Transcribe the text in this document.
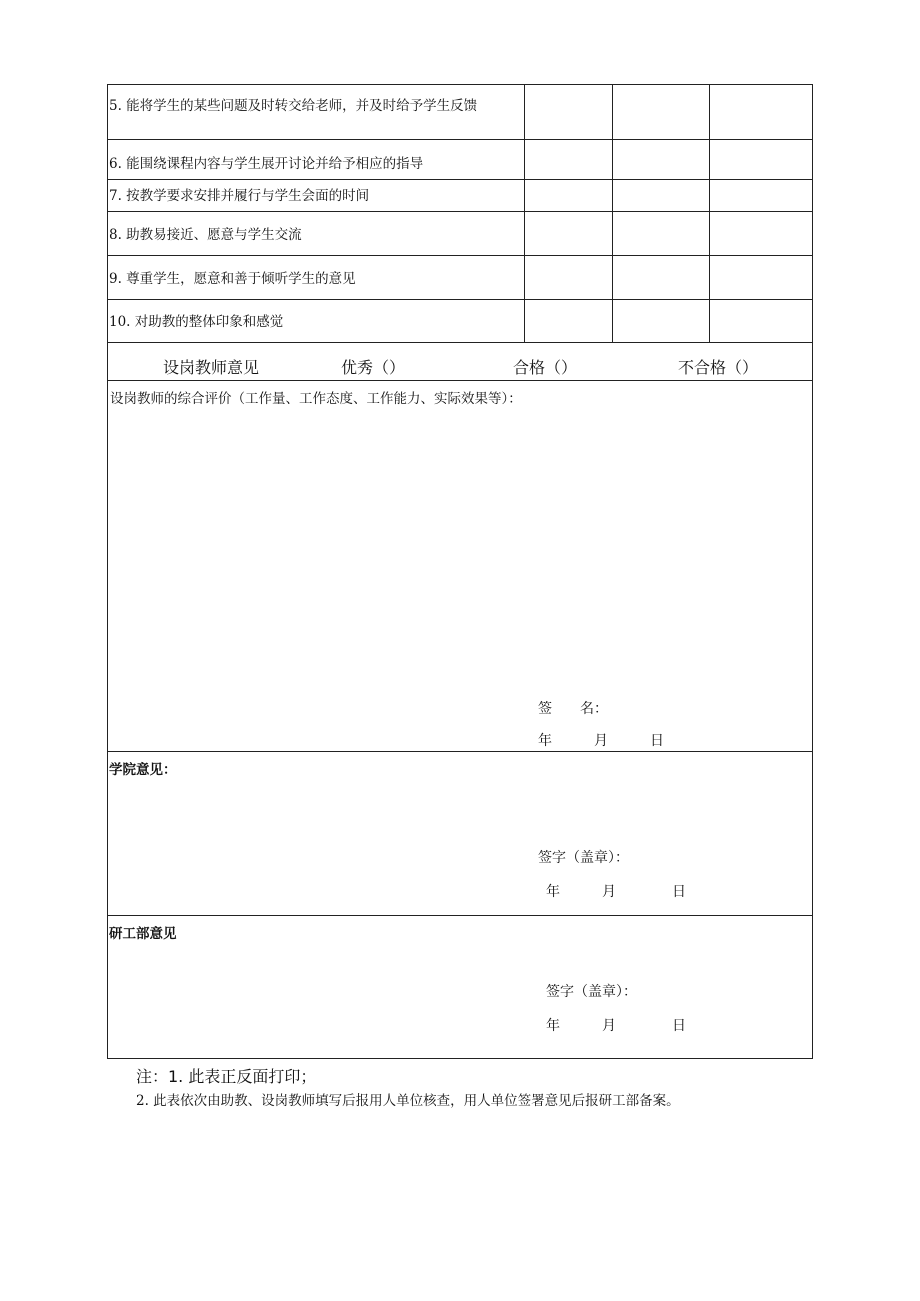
5. 能将学生的某些问题及时转交给老师，并及时给予学生反馈
6. 能围绕课程内容与学生展开讨论并给予相应的指导
7. 按教学要求安排并履行与学生会面的时间
8. 助教易接近、愿意与学生交流
9. 尊重学生，愿意和善于倾听学生的意见
10. 对助教的整体印象和感觉
设岗教师意见	优秀（）	合格（）	不合格（）
设岗教师的综合评价（工作量、工作态度、工作能力、实际效果等）：
签　　名：
年　　　月　　　日
学院意见：
签字（盖章）：
年　　　月　　　　日
研工部意见
签字（盖章）：
年　　　月　　　　日
注：1. 此表正反面打印；
2. 此表依次由助教、设岗教师填写后报用人单位核查，用人单位签署意见后报研工部备案。
